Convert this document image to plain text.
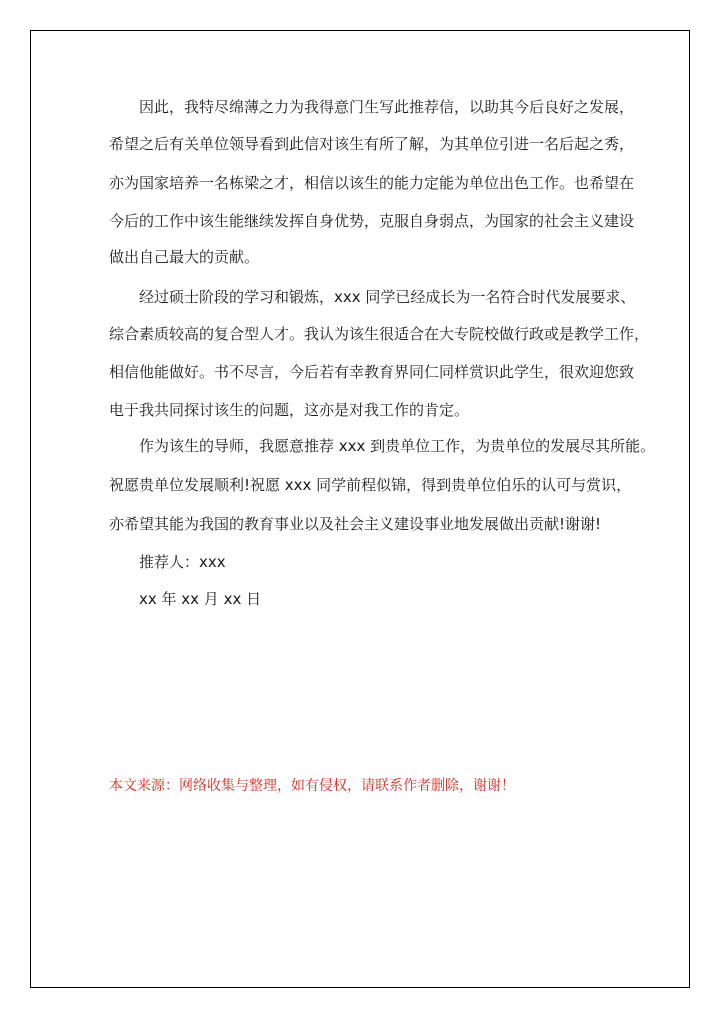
因此，我特尽绵薄之力为我得意门生写此推荐信，以助其今后良好之发展，
希望之后有关单位领导看到此信对该生有所了解，为其单位引进一名后起之秀，
亦为国家培养一名栋梁之才，相信以该生的能力定能为单位出色工作。也希望在
今后的工作中该生能继续发挥自身优势，克服自身弱点，为国家的社会主义建设
做出自己最大的贡献。
经过硕士阶段的学习和锻炼，xxx 同学已经成长为一名符合时代发展要求、
综合素质较高的复合型人才。我认为该生很适合在大专院校做行政或是教学工作，
相信他能做好。书不尽言，今后若有幸教育界同仁同样赏识此学生，很欢迎您致
电于我共同探讨该生的问题，这亦是对我工作的肯定。
作为该生的导师，我愿意推荐 xxx 到贵单位工作，为贵单位的发展尽其所能。
祝愿贵单位发展顺利!祝愿 xxx 同学前程似锦，得到贵单位伯乐的认可与赏识，
亦希望其能为我国的教育事业以及社会主义建设事业地发展做出贡献!谢谢!
推荐人：xxx
xx 年 xx 月 xx 日
本文来源：网络收集与整理，如有侵权，请联系作者删除，谢谢！
